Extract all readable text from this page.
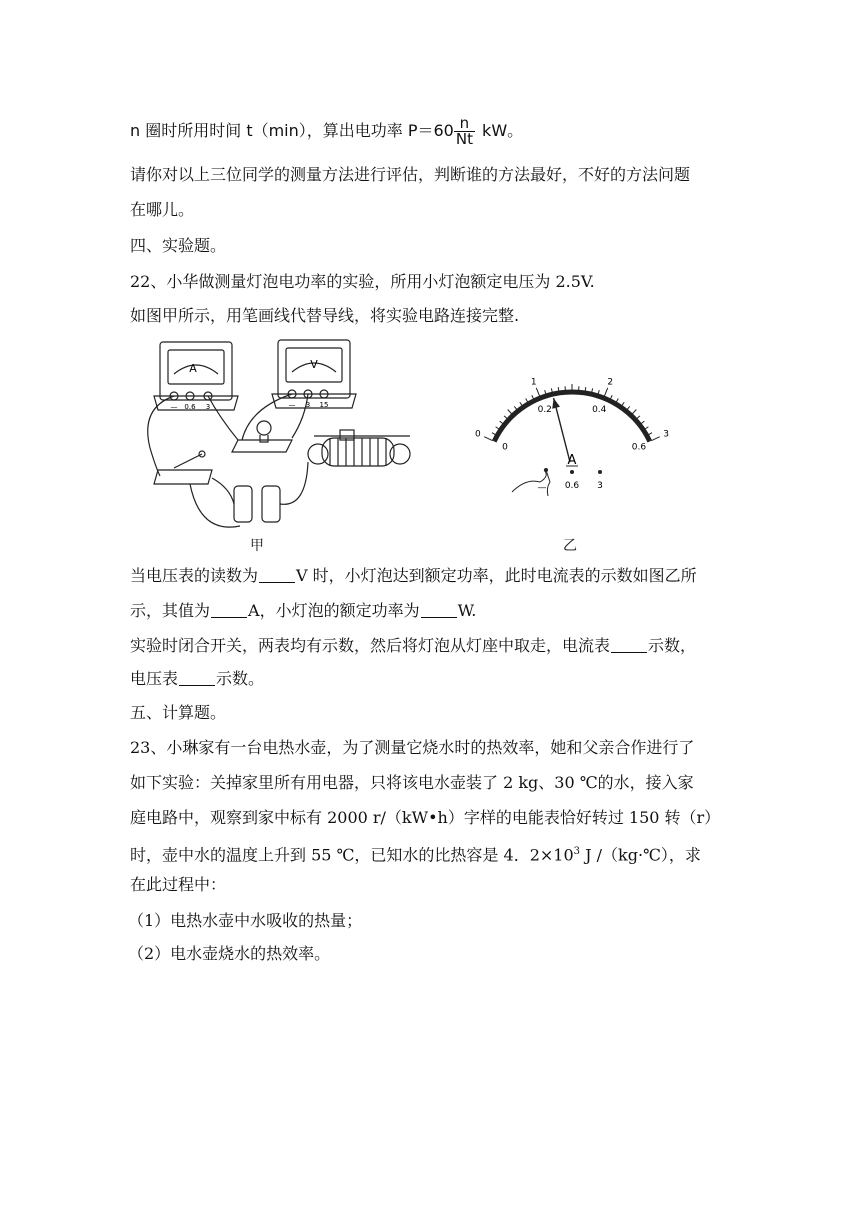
n 圈时所用时间 t（min），算出电功率 $P=60 \frac{n}{Nt}$ kW。
请你对以上三位同学的测量方法进行评估，判断谁的方法最好，不好的方法问题
在哪儿。
四、实验题。
22、小华做测量灯泡电功率的实验，所用小灯泡额定电压为 2.5V.
如图甲所示，用笔画线代替导线，将实验电路连接完整.
A	V
— 0.6 3	— 3 15
甲
0
1	2
3
0
0.2	0.4
0.6
A
— 0.6 3
乙
当电压表的读数为 V 时，小灯泡达到额定功率，此时电流表的示数如图乙所
示，其值为 A，小灯泡的额定功率为 W.
实验时闭合开关，两表均有示数，然后将灯泡从灯座中取走，电流表 示数，
电压表 示数。
五、计算题。
23、小琳家有一台电热水壶，为了测量它烧水时的热效率，她和父亲合作进行了
如下实验：关掉家里所有用电器，只将该电水壶装了 2 kg、30 ℃的水，接入家
庭电路中，观察到家中标有 2000 r/（kW•h）字样的电能表恰好转过 150 转（r）
时，壶中水的温度上升到 55 ℃，已知水的比热容是 4．$2\times 10^3$ J /（kg·℃），求
在此过程中：
（1）电热水壶中水吸收的热量；
（2）电水壶烧水的热效率。
